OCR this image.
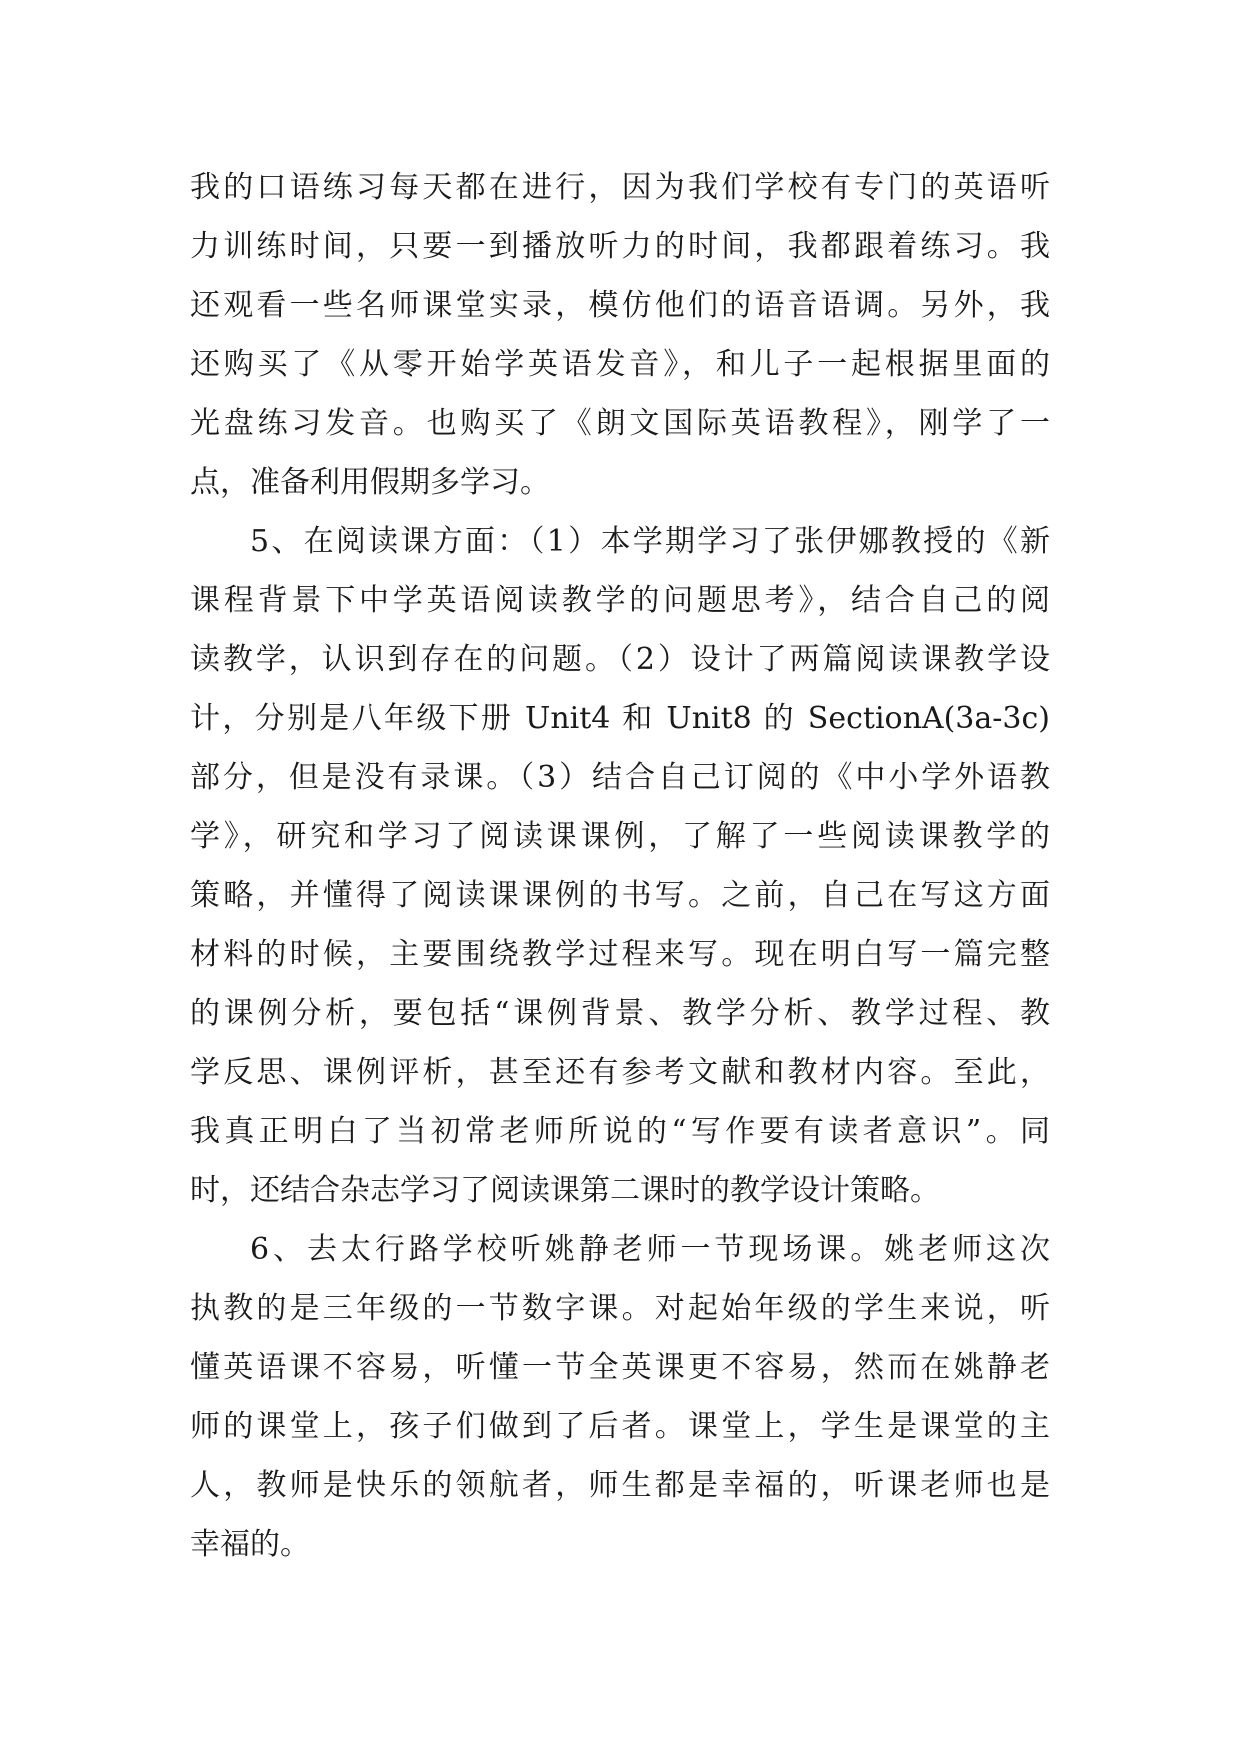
我的口语练习每天都在进行，因为我们学校有专门的英语听
力训练时间，只要一到播放听力的时间，我都跟着练习。我
还观看一些名师课堂实录，模仿他们的语音语调。另外，我
还购买了《从零开始学英语发音》，和儿子一起根据里面的
光盘练习发音。也购买了《朗文国际英语教程》，刚学了一
点，准备利用假期多学习。
5、在阅读课方面：（1）本学期学习了张伊娜教授的《新
课程背景下中学英语阅读教学的问题思考》，结合自己的阅
读教学，认识到存在的问题。（2）设计了两篇阅读课教学设
计，分别是八年级下册 Unit4 和 Unit8 的 SectionA(3a-3c)
部分，但是没有录课。（3）结合自己订阅的《中小学外语教
学》，研究和学习了阅读课课例，了解了一些阅读课教学的
策略，并懂得了阅读课课例的书写。之前，自己在写这方面
材料的时候，主要围绕教学过程来写。现在明白写一篇完整
的课例分析，要包括“课例背景、教学分析、教学过程、教
学反思、课例评析，甚至还有参考文献和教材内容。至此，
我真正明白了当初常老师所说的“写作要有读者意识”。同
时，还结合杂志学习了阅读课第二课时的教学设计策略。
6、去太行路学校听姚静老师一节现场课。姚老师这次
执教的是三年级的一节数字课。对起始年级的学生来说，听
懂英语课不容易，听懂一节全英课更不容易，然而在姚静老
师的课堂上，孩子们做到了后者。课堂上，学生是课堂的主
人，教师是快乐的领航者，师生都是幸福的，听课老师也是
幸福的。
